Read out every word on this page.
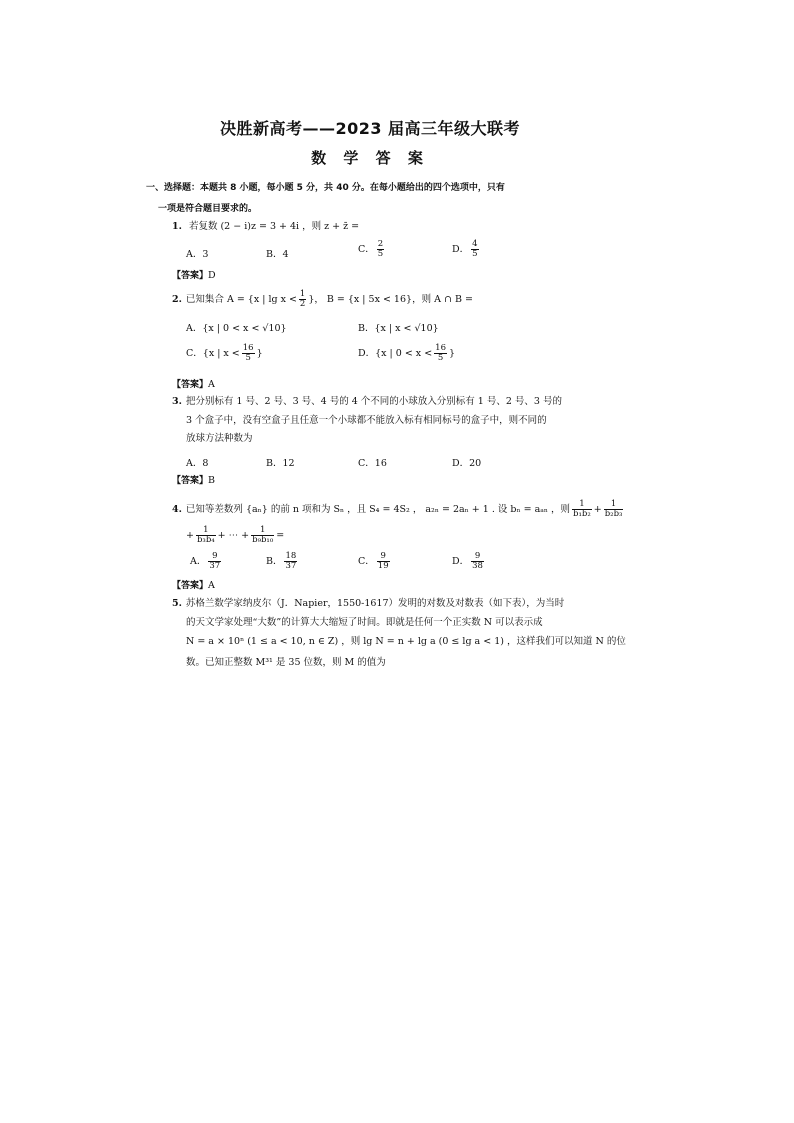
决胜新高考——2023 届高三年级大联考
数 学 答 案
一、选择题：本题共 8 小题，每小题 5 分，共 40 分。在每小题给出的四个选项中，只有
一项是符合题目要求的。
1. 若复数 (2 − i)z = 3 + 4i ，则 z + z̄ =
A．3	B．4	C． $\frac{2}{5}$	D． $\frac{4}{5}$
【答案】D
2. 已知集合 A = {x | $\lg x < \frac{1}{2}$ }， B = {x | 5x < 16}，则 A ∩ B =
A．{x | 0 < x < √10}	B．{x | x < √10}
C．{x | $x < \frac{16}{5}$ }	D．{x | $0 < x < \frac{16}{5}$ }
【答案】A
3. 把分别标有 1 号、2 号、3 号、4 号的 4 个不同的小球放入分别标有 1 号、2 号、3 号的
3 个盒子中，没有空盒子且任意一个小球都不能放入标有相同标号的盒子中，则不同的
放球方法种数为
A．8	B．12	C．16	D．20
【答案】B
4. 已知等差数列 {aₙ} 的前 n 项和为 Sₙ ，且 S₄ = 4S₂ ， a₂ₙ = 2aₙ + 1 . 设 bₙ = aₐₙ ，则 $\frac{1}{\text{b₁b₂}} + \frac{1}{\text{b₂b₃}}$
+ $\frac{1}{\text{b₃b₄}}$ + ⋯ + $\frac{1}{\text{b₉b₁₀}}$ =
A． $\frac{9}{37}$	B． $\frac{18}{37}$	C． $\frac{9}{19}$	D． $\frac{9}{38}$
【答案】A
5. 苏格兰数学家纳皮尔（J．Napier，1550-1617）发明的对数及对数表（如下表），为当时
的天文学家处理“大数”的计算大大缩短了时间。即就是任何一个正实数 N 可以表示成
N = a × 10ⁿ (1 ≤ a < 10, n ∈ Z) ，则 lg N = n + lg a (0 ≤ lg a < 1) ，这样我们可以知道 N 的位
数。已知正整数 M³¹ 是 35 位数，则 M 的值为
